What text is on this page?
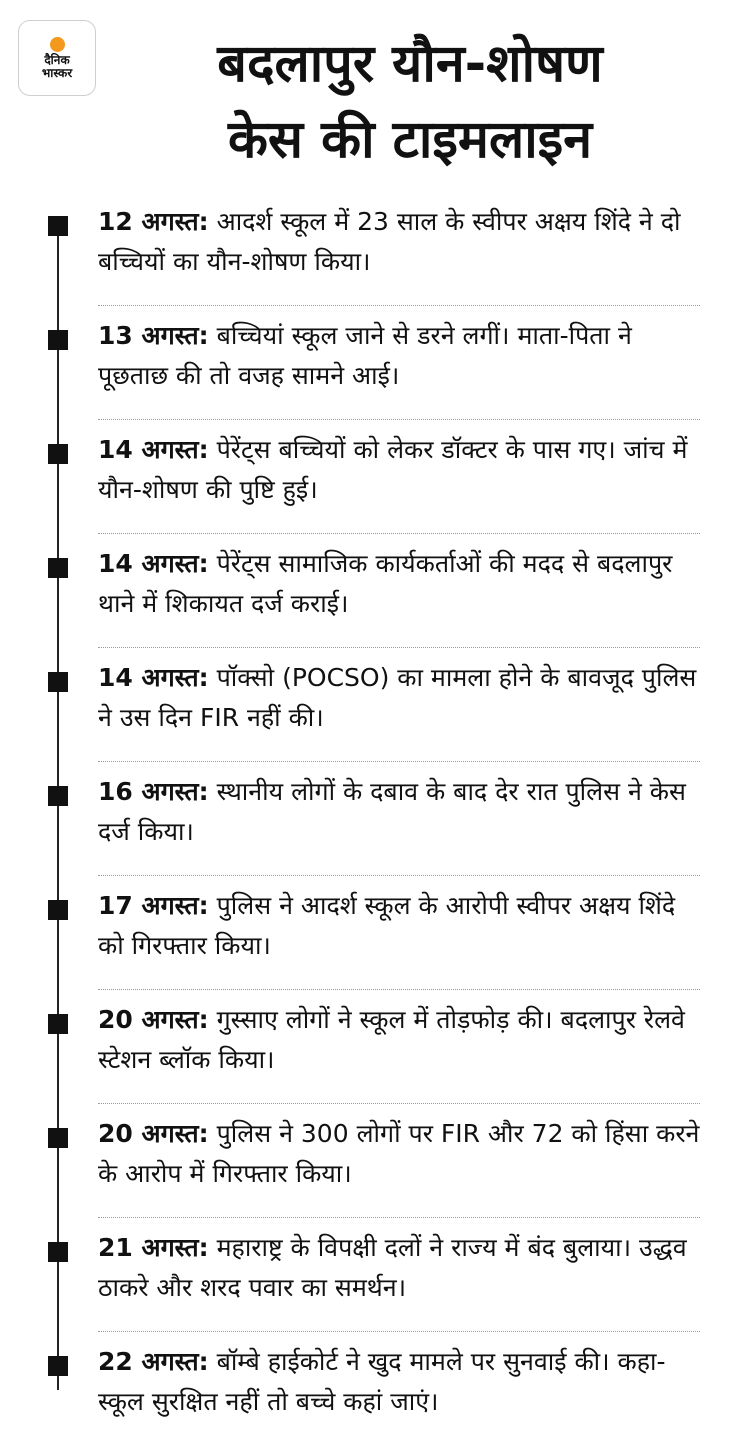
दैनिक
भास्कर	बदलापुर यौन-शोषण
केस की टाइमलाइन
12 अगस्त: आदर्श स्कूल में 23 साल के स्वीपर अक्षय शिंदे ने दो बच्चियों का यौन-शोषण किया।
13 अगस्त: बच्चियां स्कूल जाने से डरने लगीं। माता-पिता ने पूछताछ की तो वजह सामने आई।
14 अगस्त: पेरेंट्स बच्चियों को लेकर डॉक्टर के पास गए। जांच में यौन-शोषण की पुष्टि हुई।
14 अगस्त: पेरेंट्स सामाजिक कार्यकर्ताओं की मदद से बदलापुर थाने में शिकायत दर्ज कराई।
14 अगस्त: पॉक्सो (POCSO) का मामला होने के बावजूद पुलिस ने उस दिन FIR नहीं की।
16 अगस्त: स्थानीय लोगों के दबाव के बाद देर रात पुलिस ने केस दर्ज किया।
17 अगस्त: पुलिस ने आदर्श स्कूल के आरोपी स्वीपर अक्षय शिंदे को गिरफ्तार किया।
20 अगस्त: गुस्साए लोगों ने स्कूल में तोड़फोड़ की। बदलापुर रेलवे स्टेशन ब्लॉक किया।
20 अगस्त: पुलिस ने 300 लोगों पर FIR और 72 को हिंसा करने के आरोप में गिरफ्तार किया।
21 अगस्त: महाराष्ट्र के विपक्षी दलों ने राज्य में बंद बुलाया। उद्धव ठाकरे और शरद पवार का समर्थन।
22 अगस्त: बॉम्बे हाईकोर्ट ने खुद मामले पर सुनवाई की। कहा- स्कूल सुरक्षित नहीं तो बच्चे कहां जाएं।
